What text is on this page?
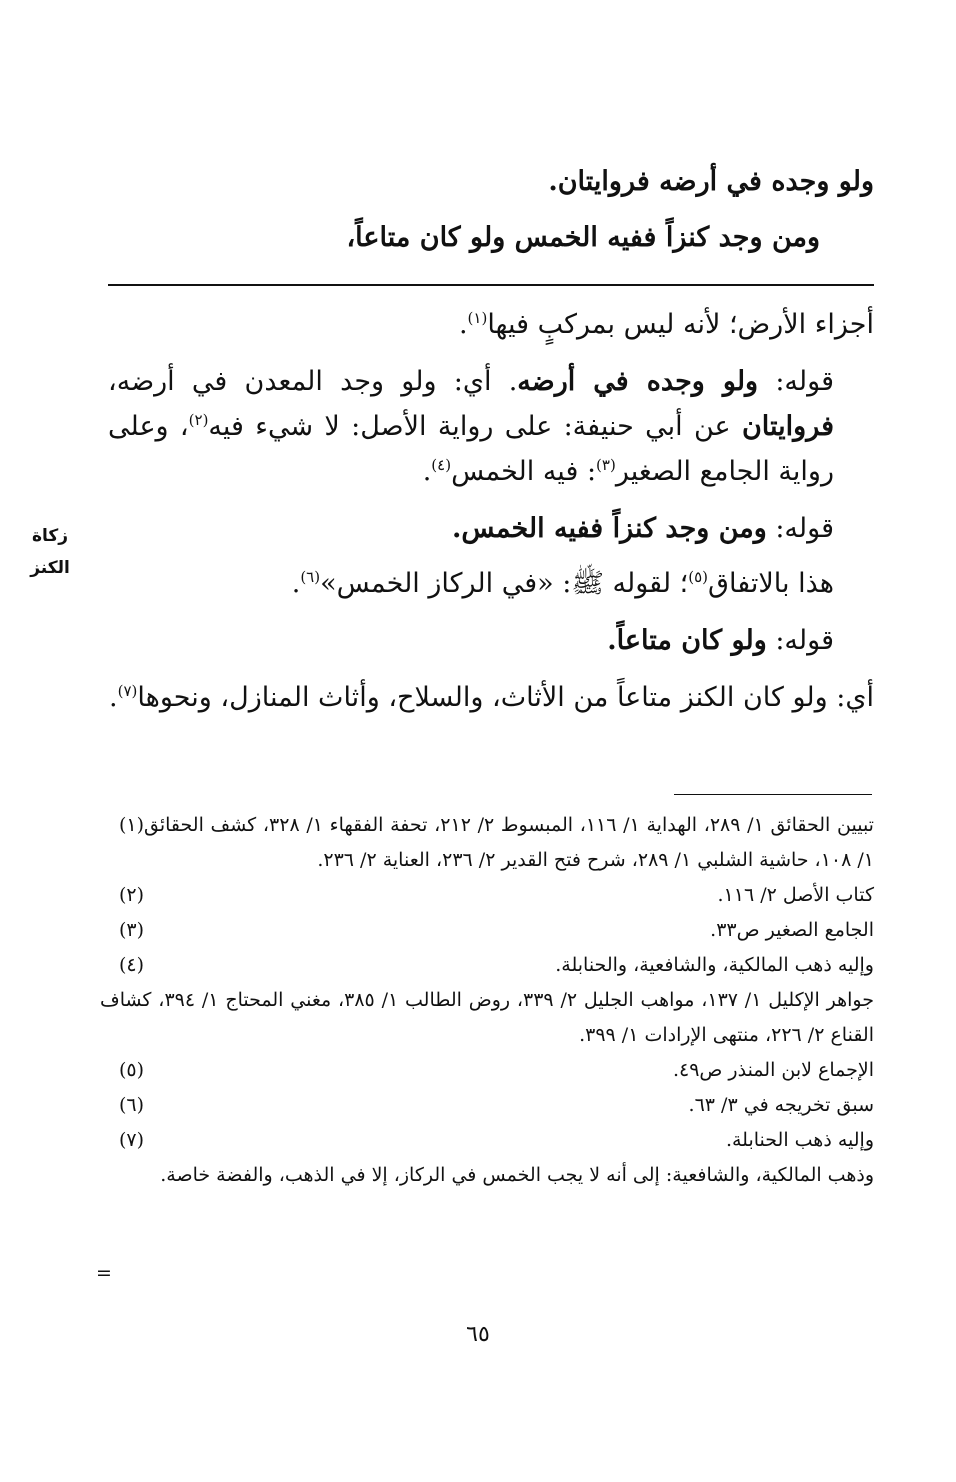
ولو وجده في أرضه فروايتان.
ومن وجد كنزاً ففيه الخمس ولو كان متاعاً،
زكاة
الكنز

أجزاء الأرض؛ لأنه ليس بمركبٍ فيها$^{(١)}$.

قوله: ولو وجده في أرضه. أي: ولو وجد المعدن في أرضه، فروايتان عن أبي حنيفة: على رواية الأصل: لا شيء فيه$^{(٢)}$، وعلى رواية الجامع الصغير$^{(٣)}$: فيه الخمس$^{(٤)}$.

قوله: ومن وجد كنزاً ففيه الخمس.

هذا بالاتفاق$^{(٥)}$؛ لقوله ﷺ: «في الركاز الخمس»$^{(٦)}$.

قوله: ولو كان متاعاً.

أي: ولو كان الكنز متاعاً من الأثاث، والسلاح، وأثاث المنازل، ونحوها$^{(٧)}$.

(١) تبيين الحقائق ١/ ٢٨٩، الهداية ١/ ١١٦، المبسوط ٢/ ٢١٢، تحفة الفقهاء ١/ ٣٢٨، كشف الحقائق ١/ ١٠٨، حاشية الشلبي ١/ ٢٨٩، شرح فتح القدير ٢/ ٢٣٦، العناية ٢/ ٢٣٦.
(٢)	كتاب الأصل ٢/ ١١٦.
(٣)	الجامع الصغير ص٣٣.
(٤)	وإليه ذهب المالكية، والشافعية، والحنابلة.
جواهر الإكليل ١/ ١٣٧، مواهب الجليل ٢/ ٣٣٩، روض الطالب ١/ ٣٨٥، مغني المحتاج ١/ ٣٩٤، كشاف القناع ٢/ ٢٢٦، منتهى الإرادات ١/ ٣٩٩.
(٥)	الإجماع لابن المنذر ص٤٩.
(٦)	سبق تخريجه في ٣/ ٦٣.
(٧)	وإليه ذهب الحنابلة.
وذهب المالكية، والشافعية: إلى أنه لا يجب الخمس في الركاز، إلا في الذهب، والفضة خاصة.
=
٦٥
